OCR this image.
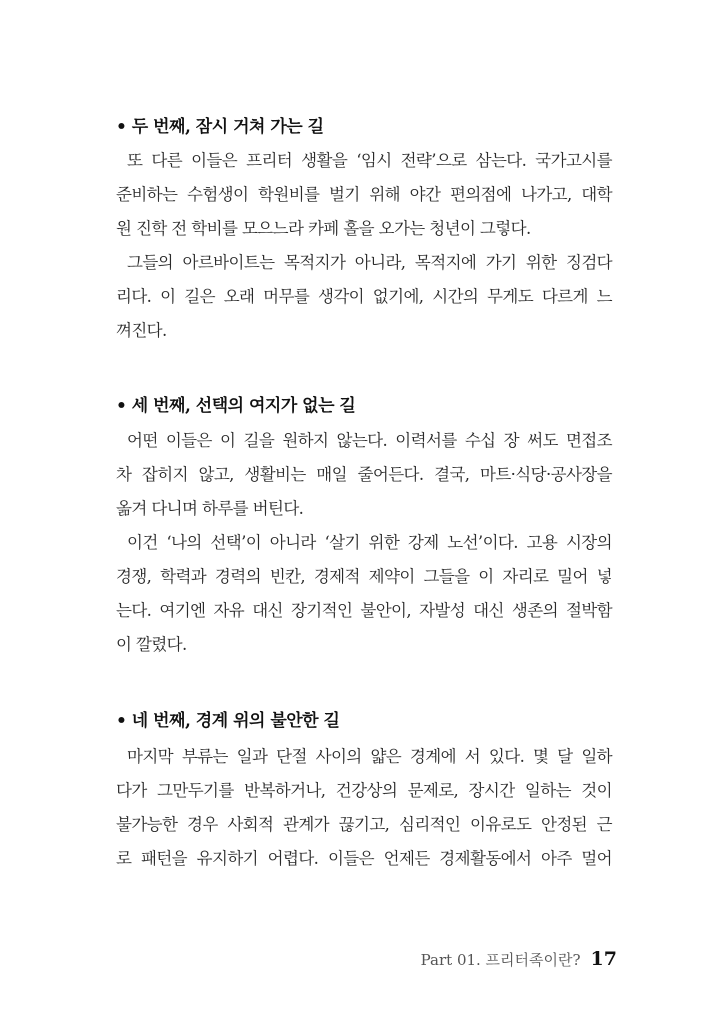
• 두 번째, 잠시 거쳐 가는 길
또 다른 이들은 프리터 생활을 ‘임시 전략’으로 삼는다. 국가고시를
준비하는 수험생이 학원비를 벌기 위해 야간 편의점에 나가고, 대학
원 진학 전 학비를 모으느라 카페 홀을 오가는 청년이 그렇다.
그들의 아르바이트는 목적지가 아니라, 목적지에 가기 위한 징검다
리다. 이 길은 오래 머무를 생각이 없기에, 시간의 무게도 다르게 느
껴진다.
• 세 번째, 선택의 여지가 없는 길
어떤 이들은 이 길을 원하지 않는다. 이력서를 수십 장 써도 면접조
차 잡히지 않고, 생활비는 매일 줄어든다. 결국, 마트·식당·공사장을
옮겨 다니며 하루를 버틴다.
이건 ‘나의 선택’이 아니라 ‘살기 위한 강제 노선’이다. 고용 시장의
경쟁, 학력과 경력의 빈칸, 경제적 제약이 그들을 이 자리로 밀어 넣
는다. 여기엔 자유 대신 장기적인 불안이, 자발성 대신 생존의 절박함
이 깔렸다.
• 네 번째, 경계 위의 불안한 길
마지막 부류는 일과 단절 사이의 얇은 경계에 서 있다. 몇 달 일하
다가 그만두기를 반복하거나, 건강상의 문제로, 장시간 일하는 것이
불가능한 경우 사회적 관계가 끊기고, 심리적인 이유로도 안정된 근
로 패턴을 유지하기 어렵다. 이들은 언제든 경제활동에서 아주 멀어
Part 01. 프리터족이란? 17
